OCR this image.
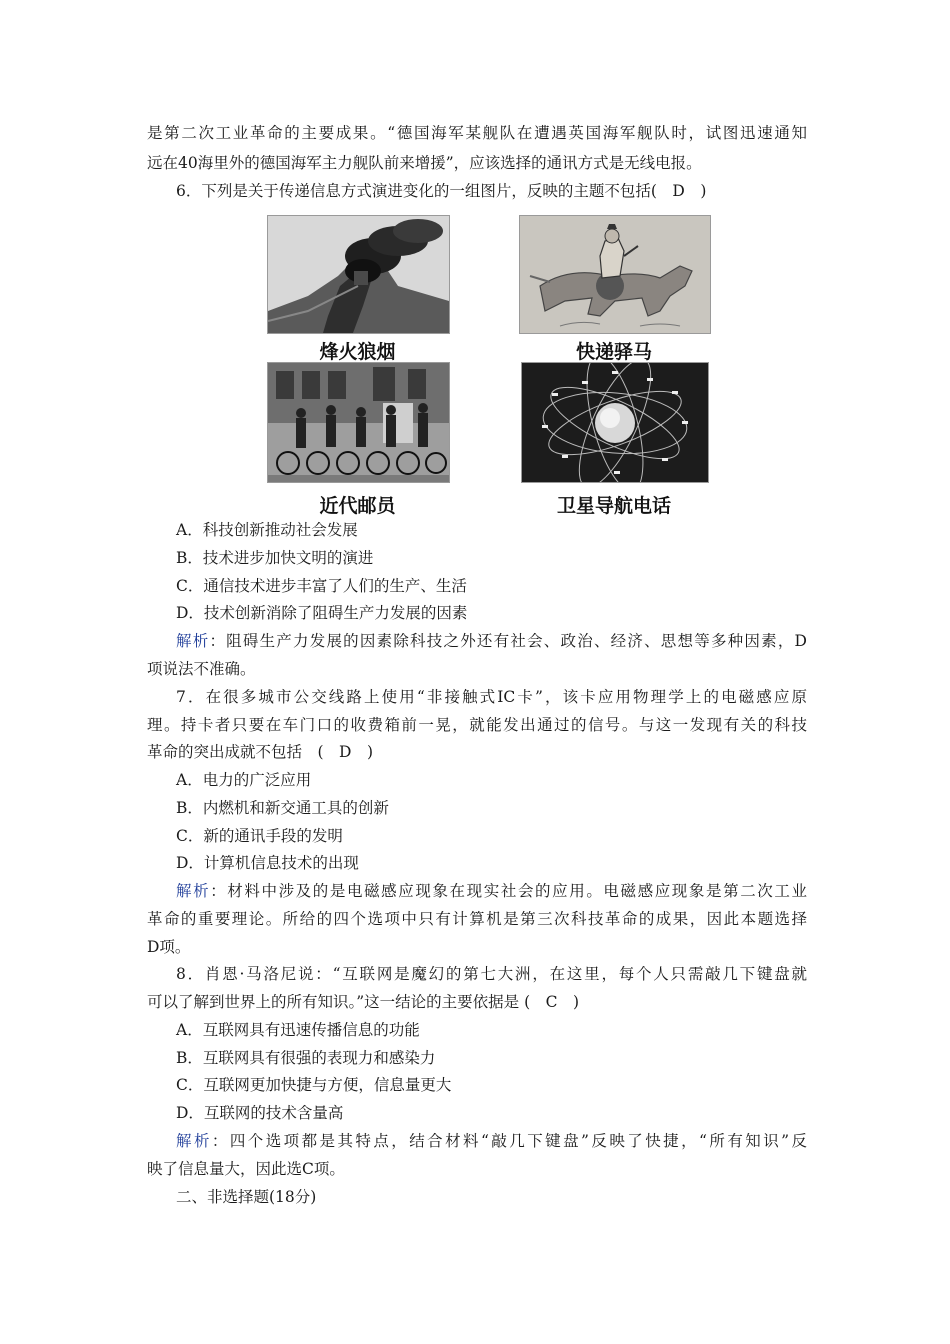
是第二次工业革命的主要成果。“德国海军某舰队在遭遇英国海军舰队时，试图迅速通知
远在40海里外的德国海军主力舰队前来增援”，应该选择的通讯方式是无线电报。
6．下列是关于传递信息方式演进变化的一组图片，反映的主题不包括(　D　)
烽火狼烟	快递驿马
近代邮员	卫星导航电话
A．科技创新推动社会发展
B．技术进步加快文明的演进
C．通信技术进步丰富了人们的生产、生活
D．技术创新消除了阻碍生产力发展的因素
解析：阻碍生产力发展的因素除科技之外还有社会、政治、经济、思想等多种因素，D
项说法不准确。
7．在很多城市公交线路上使用“非接触式IC卡”，该卡应用物理学上的电磁感应原
理。持卡者只要在车门口的收费箱前一晃，就能发出通过的信号。与这一发现有关的科技
革命的突出成就不包括　(　D　)
A．电力的广泛应用
B．内燃机和新交通工具的创新
C．新的通讯手段的发明
D．计算机信息技术的出现
解析：材料中涉及的是电磁感应现象在现实社会的应用。电磁感应现象是第二次工业
革命的重要理论。所给的四个选项中只有计算机是第三次科技革命的成果，因此本题选择
D项。
8．肖恩·马洛尼说：“互联网是魔幻的第七大洲，在这里，每个人只需敲几下键盘就
可以了解到世界上的所有知识。”这一结论的主要依据是 (　C　)
A．互联网具有迅速传播信息的功能
B．互联网具有很强的表现力和感染力
C．互联网更加快捷与方便，信息量更大
D．互联网的技术含量高
解析：四个选项都是其特点，结合材料“敲几下键盘”反映了快捷，“所有知识”反
映了信息量大，因此选C项。
二、非选择题(18分)
